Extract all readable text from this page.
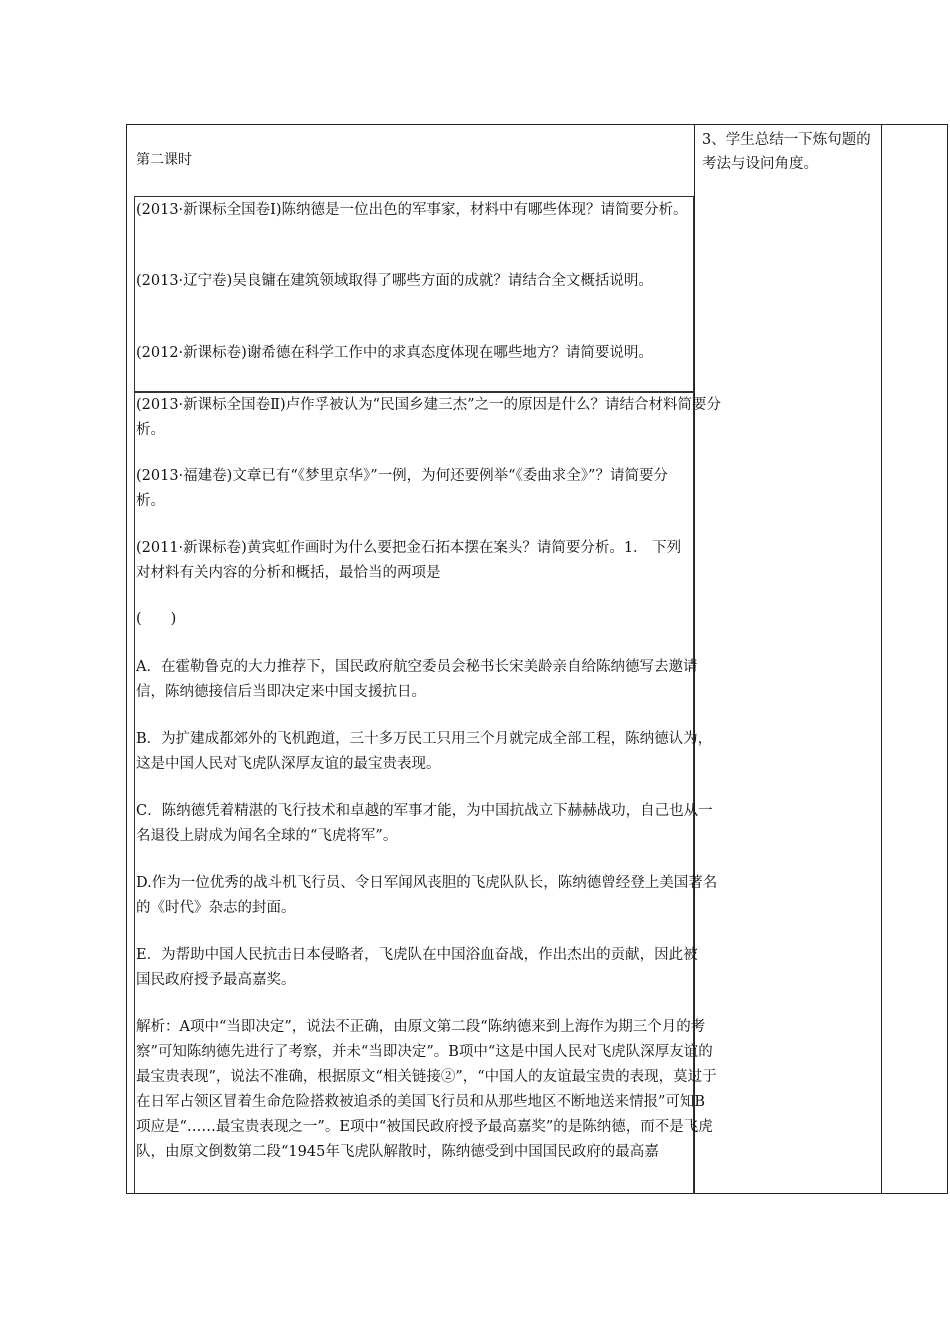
第二课时
3、学生总结一下炼句题的考法与设问角度。

(2013·新课标全国卷Ⅰ)陈纳德是一位出色的军事家，材料中有哪些体现？请简要分析。

(2013·辽宁卷)吴良镛在建筑领域取得了哪些方面的成就？请结合全文概括说明。

(2012·新课标卷)谢希德在科学工作中的求真态度体现在哪些地方？请简要说明。

(2013·新课标全国卷Ⅱ)卢作孚被认为“民国乡建三杰”之一的原因是什么？请结合材料简要分析。

(2013·福建卷)文章已有“《梦里京华》”一例，为何还要例举“《委曲求全》”？请简要分析。

(2011·新课标卷)黄宾虹作画时为什么要把金石拓本摆在案头？请简要分析。1． 下列对材料有关内容的分析和概括，最恰当的两项是

(　　)

A．在霍勒鲁克的大力推荐下，国民政府航空委员会秘书长宋美龄亲自给陈纳德写去邀请信，陈纳德接信后当即决定来中国支援抗日。

B．为扩建成都郊外的飞机跑道，三十多万民工只用三个月就完成全部工程，陈纳德认为，这是中国人民对飞虎队深厚友谊的最宝贵表现。

C．陈纳德凭着精湛的飞行技术和卓越的军事才能，为中国抗战立下赫赫战功，自己也从一名退役上尉成为闻名全球的“飞虎将军”。

D.作为一位优秀的战斗机飞行员、令日军闻风丧胆的飞虎队队长，陈纳德曾经登上美国著名的《时代》杂志的封面。

E．为帮助中国人民抗击日本侵略者，飞虎队在中国浴血奋战，作出杰出的贡献，因此被国民政府授予最高嘉奖。

解析：A项中“当即决定”，说法不正确，由原文第二段“陈纳德来到上海作为期三个月的考察”可知陈纳德先进行了考察，并未“当即决定”。B项中“这是中国人民对飞虎队深厚友谊的最宝贵表现”，说法不准确，根据原文“相关链接②”，“中国人的友谊最宝贵的表现，莫过于在日军占领区冒着生命危险搭救被追杀的美国飞行员和从那些地区不断地送来情报”可知B项应是“……最宝贵表现之一”。E项中“被国民政府授予最高嘉奖”的是陈纳德，而不是飞虎队，由原文倒数第二段“1945年飞虎队解散时，陈纳德受到中国国民政府的最高嘉
